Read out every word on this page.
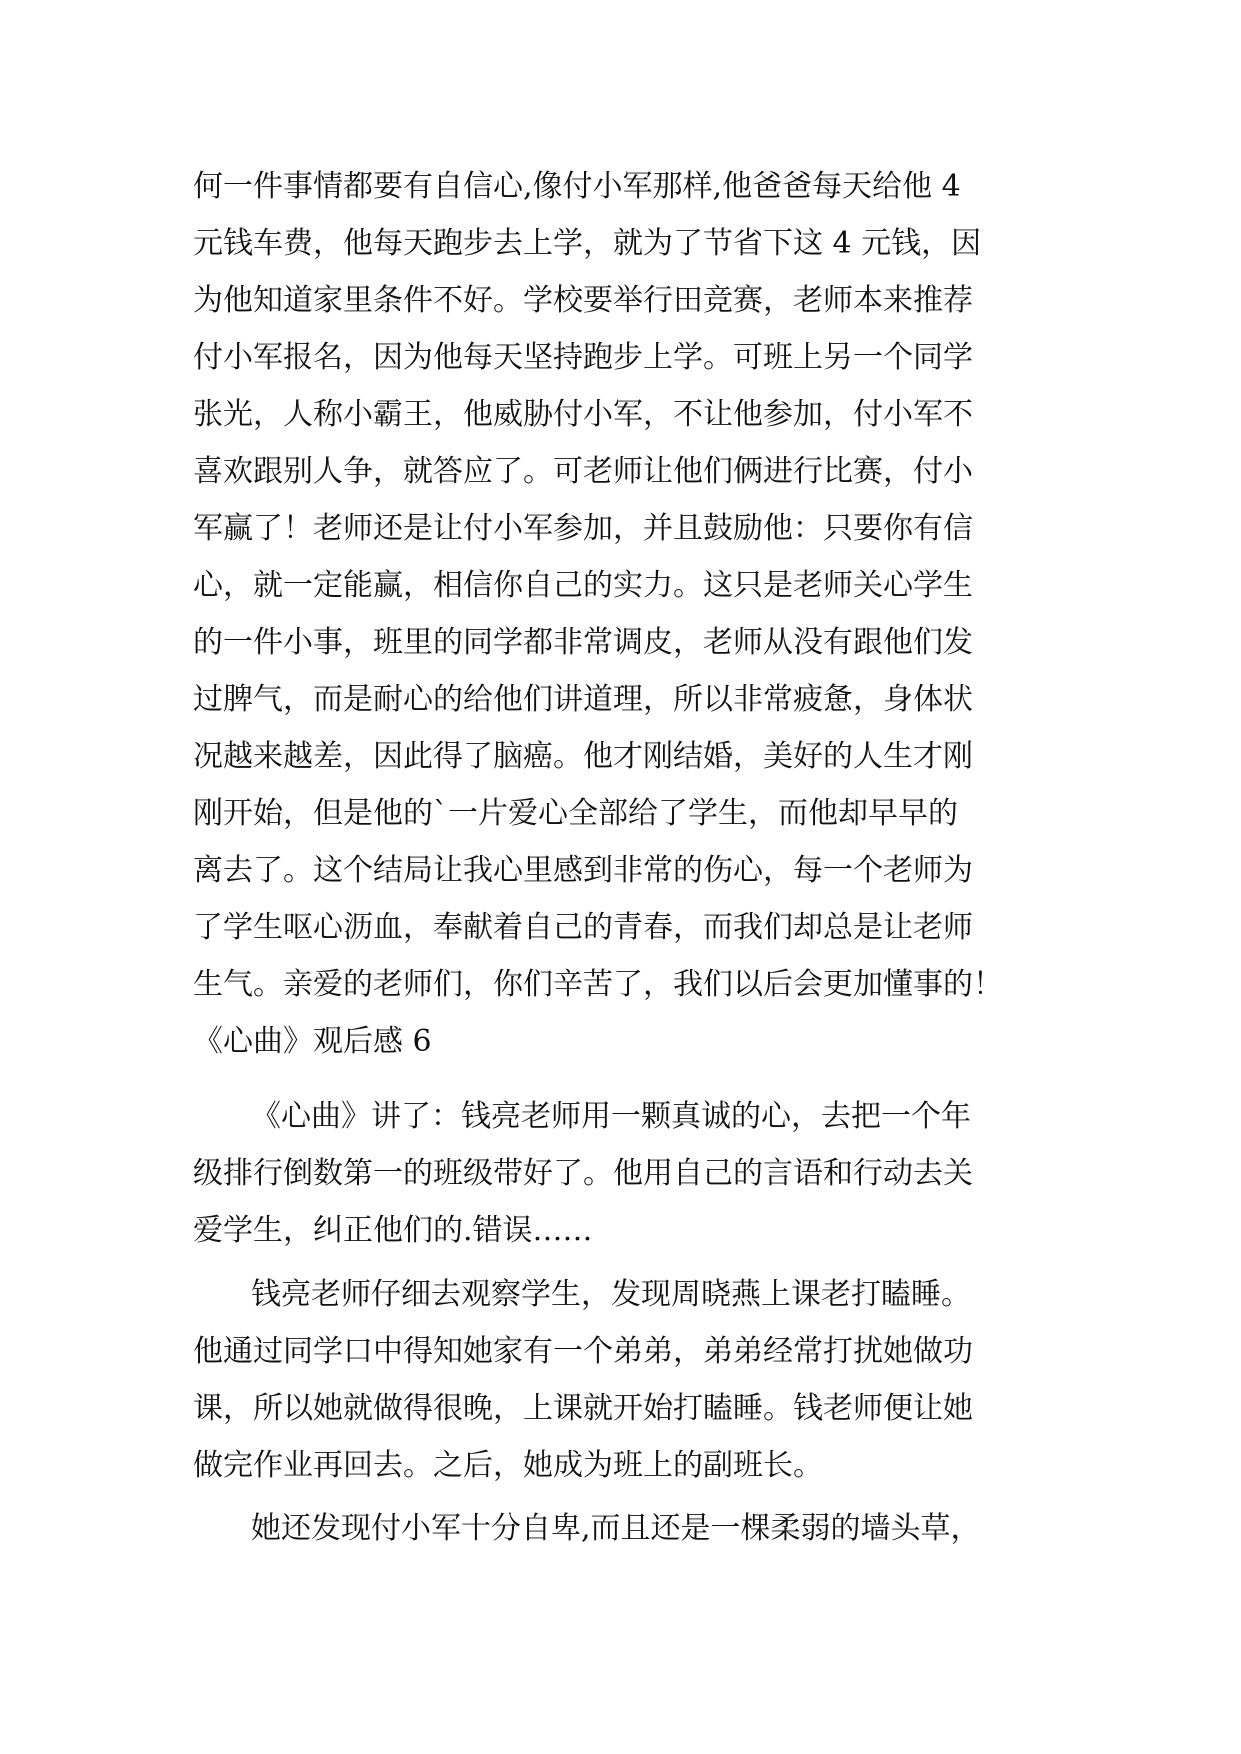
何一件事情都要有自信心,像付小军那样,他爸爸每天给他 4
元钱车费，他每天跑步去上学，就为了节省下这 4 元钱，因
为他知道家里条件不好。学校要举行田竞赛，老师本来推荐
付小军报名，因为他每天坚持跑步上学。可班上另一个同学
张光，人称小霸王，他威胁付小军，不让他参加，付小军不
喜欢跟别人争，就答应了。可老师让他们俩进行比赛，付小
军赢了！老师还是让付小军参加，并且鼓励他：只要你有信
心，就一定能赢，相信你自己的实力。这只是老师关心学生
的一件小事，班里的同学都非常调皮，老师从没有跟他们发
过脾气，而是耐心的给他们讲道理，所以非常疲惫，身体状
况越来越差，因此得了脑癌。他才刚结婚，美好的人生才刚
刚开始，但是他的`一片爱心全部给了学生，而他却早早的
离去了。这个结局让我心里感到非常的伤心，每一个老师为
了学生呕心沥血，奉献着自己的青春，而我们却总是让老师
生气。亲爱的老师们，你们辛苦了，我们以后会更加懂事的！
《心曲》观后感 6
《心曲》讲了：钱亮老师用一颗真诚的心，去把一个年
级排行倒数第一的班级带好了。他用自己的言语和行动去关
爱学生，纠正他们的.错误……
钱亮老师仔细去观察学生，发现周晓燕上课老打瞌睡。
他通过同学口中得知她家有一个弟弟，弟弟经常打扰她做功
课，所以她就做得很晚，上课就开始打瞌睡。钱老师便让她
做完作业再回去。之后，她成为班上的副班长。
她还发现付小军十分自卑,而且还是一棵柔弱的墙头草，
